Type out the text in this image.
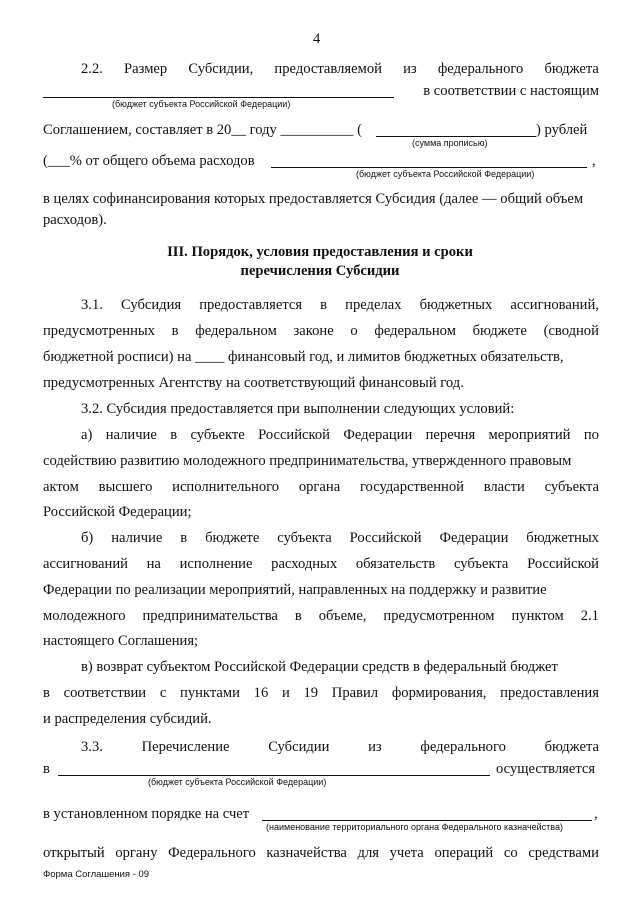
4
2.2. Размер Субсидии, предоставляемой из федерального бюджета
в соответствии с настоящим
(бюджет субъекта Российской Федерации)
Соглашением, составляет в 20__ году __________ (	) рублей
(сумма прописью)
(___% от общего объема расходов	,
(бюджет субъекта Российской Федерации)
в целях софинансирования которых предоставляется Субсидия (далее — общий объем
расходов).
III. Порядок, условия предоставления и сроки
перечисления Субсидии
3.1. Субсидия предоставляется в пределах бюджетных ассигнований,
предусмотренных в федеральном законе о федеральном бюджете (сводной
бюджетной росписи) на ____ финансовый год, и лимитов бюджетных обязательств,
предусмотренных Агентству на соответствующий финансовый год.
3.2. Субсидия предоставляется при выполнении следующих условий:
а) наличие в субъекте Российской Федерации перечня мероприятий по
содействию развитию молодежного предпринимательства, утвержденного правовым
актом высшего исполнительного органа государственной власти субъекта
Российской Федерации;
б) наличие в бюджете субъекта Российской Федерации бюджетных
ассигнований на исполнение расходных обязательств субъекта Российской
Федерации по реализации мероприятий, направленных на поддержку и развитие
молодежного предпринимательства в объеме, предусмотренном пунктом 2.1
настоящего Соглашения;
в) возврат субъектом Российской Федерации средств в федеральный бюджет
в соответствии с пунктами 16 и 19 Правил формирования, предоставления
и распределения субсидий.
3.3.	Перечисление	Субсидии	из	федерального	бюджета
в	осуществляется
(бюджет субъекта Российской Федерации)
в установленном порядке на счет	,
(наименование территориального органа Федерального казначейства)
открытый органу Федерального казначейства для учета операций со средствами
Форма Соглашения - 09
